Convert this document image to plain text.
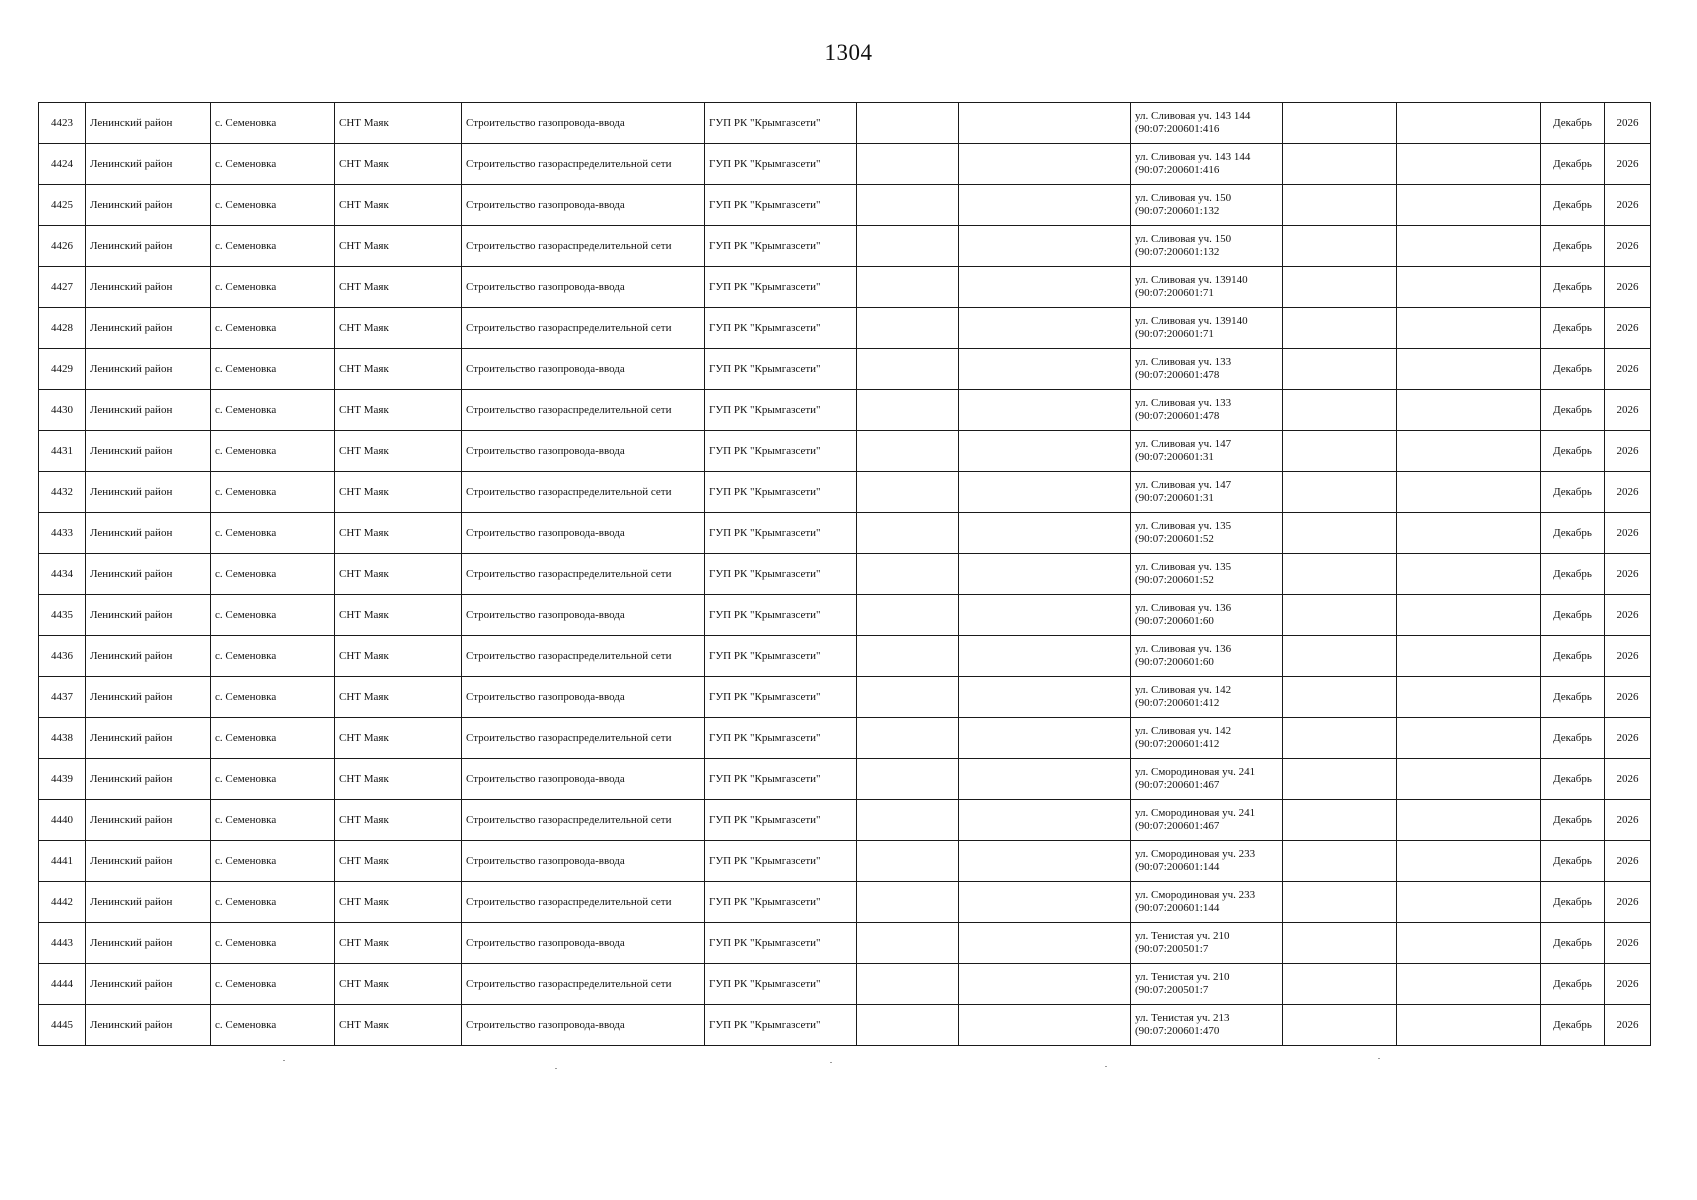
1304
4423	Ленинский район	с. Семеновка	СНТ Маяк	Строительство газопровода-ввода	ГУП РК "Крымгазсети"			ул. Сливовая уч. 143 144 (90:07:200601:416			Декабрь	2026
4424	Ленинский район	с. Семеновка	СНТ Маяк	Строительство газораспределительной сети	ГУП РК "Крымгазсети"			ул. Сливовая уч. 143 144 (90:07:200601:416			Декабрь	2026
4425	Ленинский район	с. Семеновка	СНТ Маяк	Строительство газопровода-ввода	ГУП РК "Крымгазсети"			ул. Сливовая уч. 150 (90:07:200601:132			Декабрь	2026
4426	Ленинский район	с. Семеновка	СНТ Маяк	Строительство газораспределительной сети	ГУП РК "Крымгазсети"			ул. Сливовая уч. 150 (90:07:200601:132			Декабрь	2026
4427	Ленинский район	с. Семеновка	СНТ Маяк	Строительство газопровода-ввода	ГУП РК "Крымгазсети"			ул. Сливовая уч. 139140 (90:07:200601:71			Декабрь	2026
4428	Ленинский район	с. Семеновка	СНТ Маяк	Строительство газораспределительной сети	ГУП РК "Крымгазсети"			ул. Сливовая уч. 139140 (90:07:200601:71			Декабрь	2026
4429	Ленинский район	с. Семеновка	СНТ Маяк	Строительство газопровода-ввода	ГУП РК "Крымгазсети"			ул. Сливовая уч. 133 (90:07:200601:478			Декабрь	2026
4430	Ленинский район	с. Семеновка	СНТ Маяк	Строительство газораспределительной сети	ГУП РК "Крымгазсети"			ул. Сливовая уч. 133 (90:07:200601:478			Декабрь	2026
4431	Ленинский район	с. Семеновка	СНТ Маяк	Строительство газопровода-ввода	ГУП РК "Крымгазсети"			ул. Сливовая уч. 147 (90:07:200601:31			Декабрь	2026
4432	Ленинский район	с. Семеновка	СНТ Маяк	Строительство газораспределительной сети	ГУП РК "Крымгазсети"			ул. Сливовая уч. 147 (90:07:200601:31			Декабрь	2026
4433	Ленинский район	с. Семеновка	СНТ Маяк	Строительство газопровода-ввода	ГУП РК "Крымгазсети"			ул. Сливовая уч. 135 (90:07:200601:52			Декабрь	2026
4434	Ленинский район	с. Семеновка	СНТ Маяк	Строительство газораспределительной сети	ГУП РК "Крымгазсети"			ул. Сливовая уч. 135 (90:07:200601:52			Декабрь	2026
4435	Ленинский район	с. Семеновка	СНТ Маяк	Строительство газопровода-ввода	ГУП РК "Крымгазсети"			ул. Сливовая уч. 136 (90:07:200601:60			Декабрь	2026
4436	Ленинский район	с. Семеновка	СНТ Маяк	Строительство газораспределительной сети	ГУП РК "Крымгазсети"			ул. Сливовая уч. 136 (90:07:200601:60			Декабрь	2026
4437	Ленинский район	с. Семеновка	СНТ Маяк	Строительство газопровода-ввода	ГУП РК "Крымгазсети"			ул. Сливовая уч. 142 (90:07:200601:412			Декабрь	2026
4438	Ленинский район	с. Семеновка	СНТ Маяк	Строительство газораспределительной сети	ГУП РК "Крымгазсети"			ул. Сливовая уч. 142 (90:07:200601:412			Декабрь	2026
4439	Ленинский район	с. Семеновка	СНТ Маяк	Строительство газопровода-ввода	ГУП РК "Крымгазсети"			ул. Смородиновая уч. 241 (90:07:200601:467			Декабрь	2026
4440	Ленинский район	с. Семеновка	СНТ Маяк	Строительство газораспределительной сети	ГУП РК "Крымгазсети"			ул. Смородиновая уч. 241 (90:07:200601:467			Декабрь	2026
4441	Ленинский район	с. Семеновка	СНТ Маяк	Строительство газопровода-ввода	ГУП РК "Крымгазсети"			ул. Смородиновая уч. 233 (90:07:200601:144			Декабрь	2026
4442	Ленинский район	с. Семеновка	СНТ Маяк	Строительство газораспределительной сети	ГУП РК "Крымгазсети"			ул. Смородиновая уч. 233 (90:07:200601:144			Декабрь	2026
4443	Ленинский район	с. Семеновка	СНТ Маяк	Строительство газопровода-ввода	ГУП РК "Крымгазсети"			ул. Тенистая уч. 210 (90:07:200501:7			Декабрь	2026
4444	Ленинский район	с. Семеновка	СНТ Маяк	Строительство газораспределительной сети	ГУП РК "Крымгазсети"			ул. Тенистая уч. 210 (90:07:200501:7			Декабрь	2026
4445	Ленинский район	с. Семеновка	СНТ Маяк	Строительство газопровода-ввода	ГУП РК "Крымгазсети"			ул. Тенистая уч. 213 (90:07:200601:470			Декабрь	2026
